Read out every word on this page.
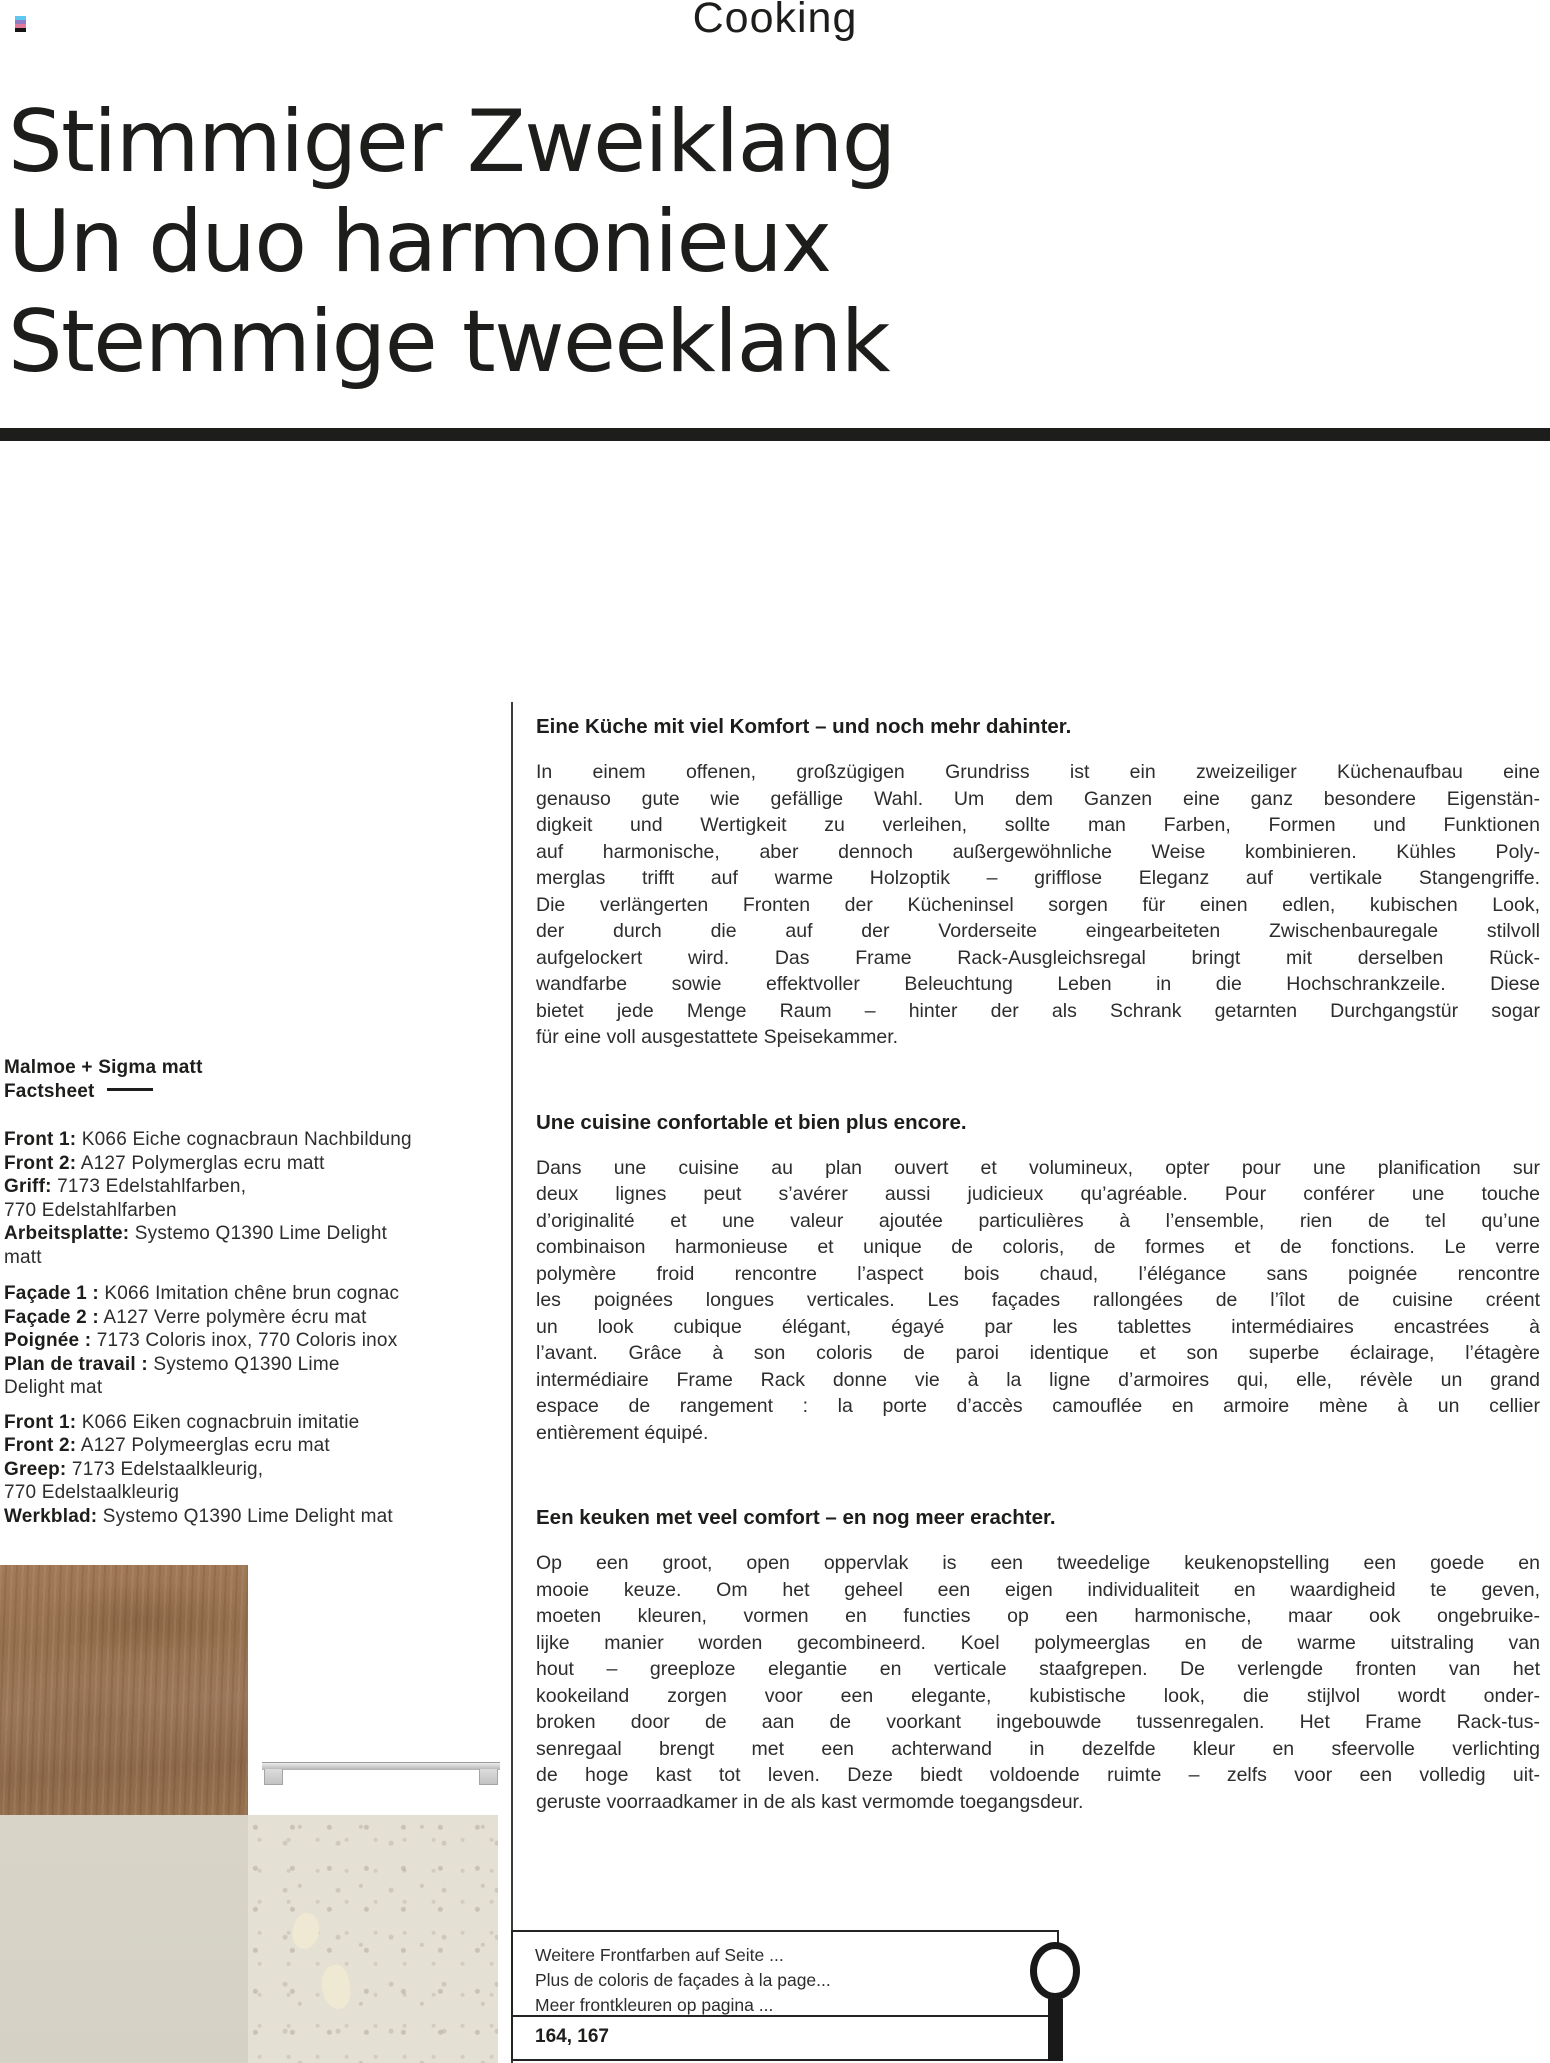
Cooking
Stimmiger Zweiklang
Un duo harmonieux
Stemmige tweeklank
Malmoe + Sigma matt
Factsheet
Front 1: K066 Eiche cognacbraun Nachbildung
Front 2: A127 Polymerglas ecru matt
Griff: 7173 Edelstahlfarben,
770 Edelstahlfarben
Arbeitsplatte: Systemo Q1390 Lime Delight
matt
Façade 1 : K066 Imitation chêne brun cognac
Façade 2 : A127 Verre polymère écru mat
Poignée : 7173 Coloris inox, 770 Coloris inox
Plan de travail : Systemo Q1390 Lime
Delight mat
Front 1: K066 Eiken cognacbruin imitatie
Front 2: A127 Polymeerglas ecru mat
Greep: 7173 Edelstaalkleurig,
770 Edelstaalkleurig
Werkblad: Systemo Q1390 Lime Delight mat
Eine Küche mit viel Komfort – und noch mehr dahinter.
In einem offenen, großzügigen Grundriss ist ein zweizeiliger Küchenaufbau eine
genauso gute wie gefällige Wahl. Um dem Ganzen eine ganz besondere Eigenstän-
digkeit und Wertigkeit zu verleihen, sollte man Farben, Formen und Funktionen
auf harmonische, aber dennoch außergewöhnliche Weise kombinieren. Kühles Poly-
merglas trifft auf warme Holzoptik – grifflose Eleganz auf vertikale Stangengriffe.
Die verlängerten Fronten der Kücheninsel sorgen für einen edlen, kubischen Look,
der durch die auf der Vorderseite eingearbeiteten Zwischenbauregale stilvoll
aufgelockert wird. Das Frame Rack-Ausgleichsregal bringt mit derselben Rück-
wandfarbe sowie effektvoller Beleuchtung Leben in die Hochschrankzeile. Diese
bietet jede Menge Raum – hinter der als Schrank getarnten Durchgangstür sogar
für eine voll ausgestattete Speisekammer.
Une cuisine confortable et bien plus encore.
Dans une cuisine au plan ouvert et volumineux, opter pour une planification sur
deux lignes peut s’avérer aussi judicieux qu’agréable. Pour conférer une touche
d’originalité et une valeur ajoutée particulières à l’ensemble, rien de tel qu’une
combinaison harmonieuse et unique de coloris, de formes et de fonctions. Le verre
polymère froid rencontre l’aspect bois chaud, l’élégance sans poignée rencontre
les poignées longues verticales. Les façades rallongées de l’îlot de cuisine créent
un look cubique élégant, égayé par les tablettes intermédiaires encastrées à
l’avant. Grâce à son coloris de paroi identique et son superbe éclairage, l’étagère
intermédiaire Frame Rack donne vie à la ligne d’armoires qui, elle, révèle un grand
espace de rangement : la porte d’accès camouflée en armoire mène à un cellier
entièrement équipé.
Een keuken met veel comfort – en nog meer erachter.
Op een groot, open oppervlak is een tweedelige keukenopstelling een goede en
mooie keuze. Om het geheel een eigen individualiteit en waardigheid te geven,
moeten kleuren, vormen en functies op een harmonische, maar ook ongebruike-
lijke manier worden gecombineerd. Koel polymeerglas en de warme uitstraling van
hout – greeploze elegantie en verticale staafgrepen. De verlengde fronten van het
kookeiland zorgen voor een elegante, kubistische look, die stijlvol wordt onder-
broken door de aan de voorkant ingebouwde tussenregalen. Het Frame Rack-tus-
senregaal brengt met een achterwand in dezelfde kleur en sfeervolle verlichting
de hoge kast tot leven. Deze biedt voldoende ruimte – zelfs voor een volledig uit-
geruste voorraadkamer in de als kast vermomde toegangsdeur.
Weitere Frontfarben auf Seite ...
Plus de coloris de façades à la page...
Meer frontkleuren op pagina ...
164, 167
